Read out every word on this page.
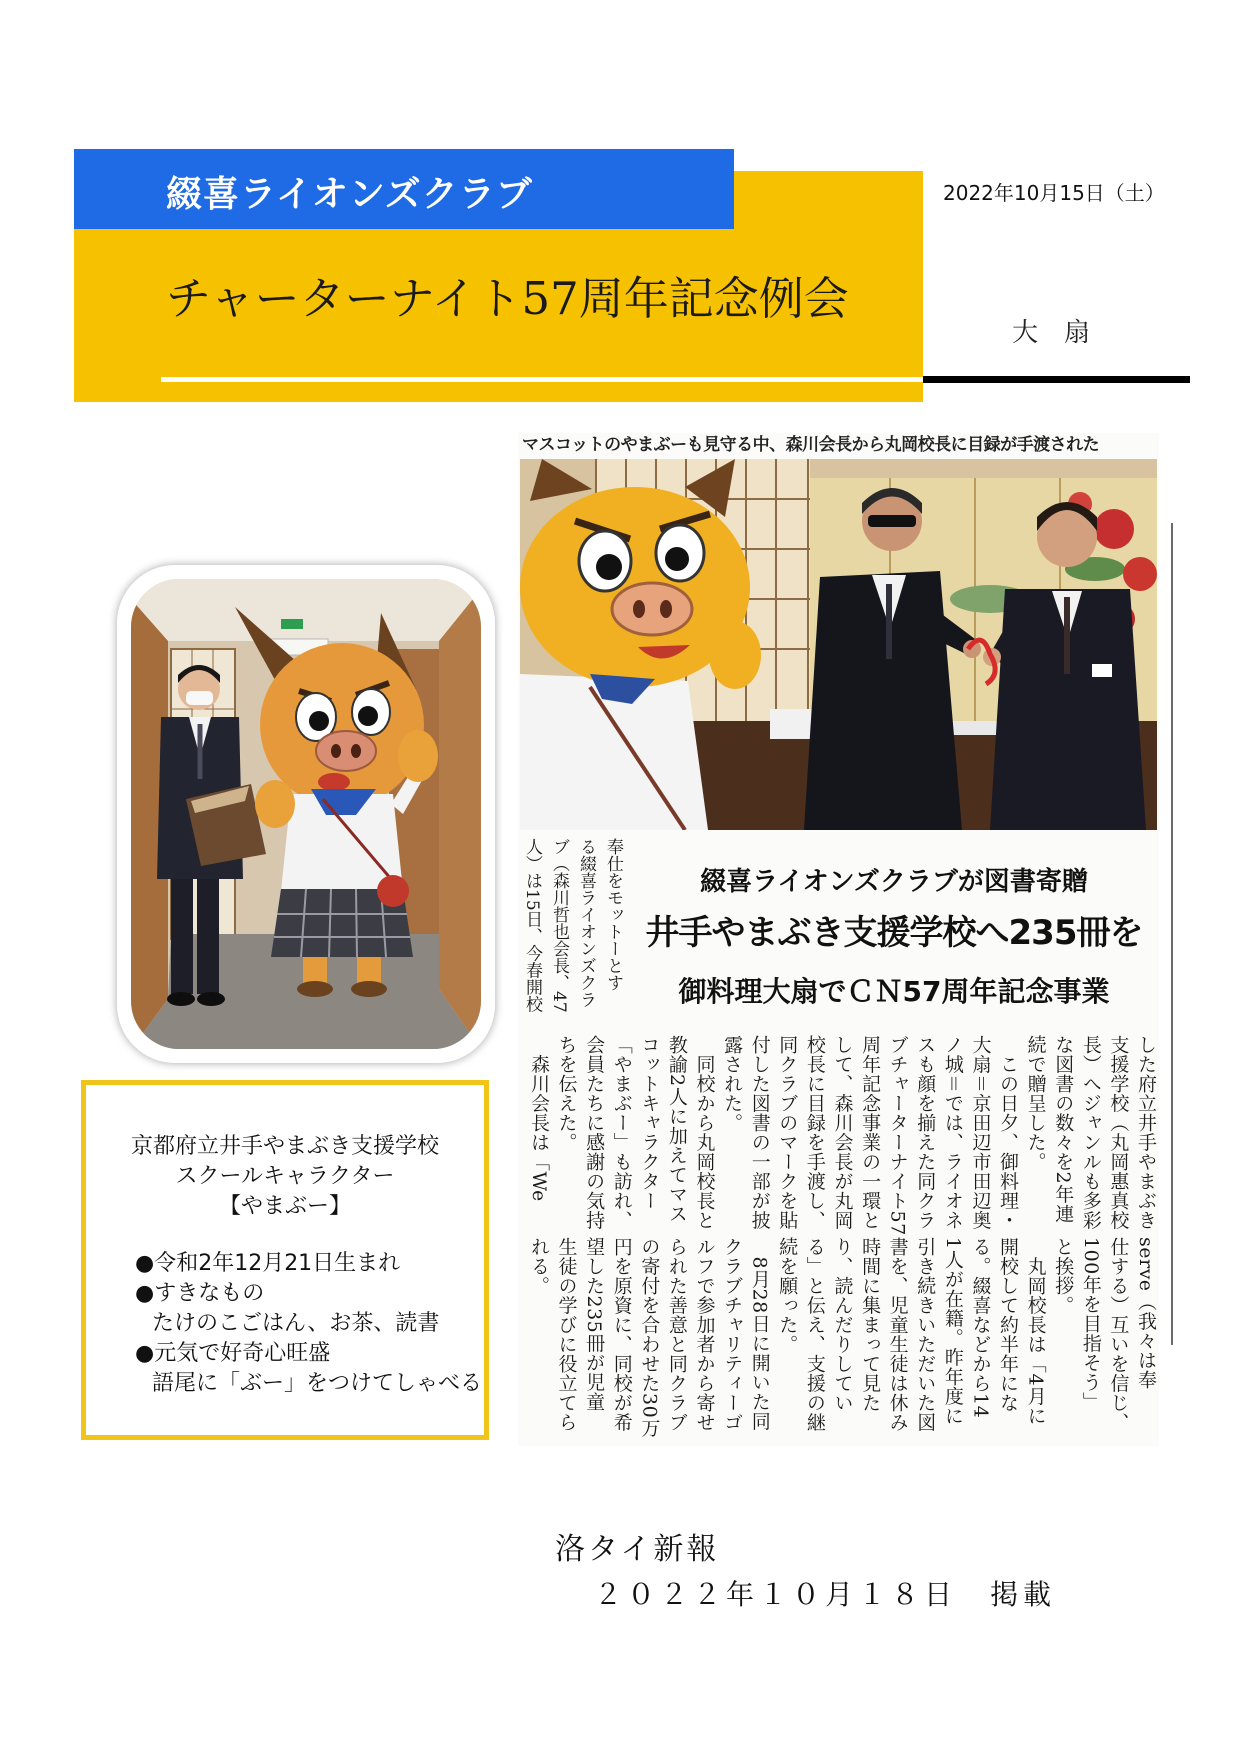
綴喜ライオンズクラブ
チャーターナイト57周年記念例会
2022年10月15日（土）
大　扇
マスコットのやまぶーも見守る中、森川会長から丸岡校長に目録が手渡された
奉仕をモットーとす
る綴喜ライオンズクラ
ブ（森川哲也会長、47
人）は15日、今春開校	綴喜ライオンズクラブが図書寄贈
井手やまぶき支援学校へ235冊を
御料理大扇でＣＮ57周年記念事業
した府立井手やまぶき
支援学校（丸岡惠真校
長）へジャンルも多彩
な図書の数々を2年連
続で贈呈した。
　この日夕、御料理・
大扇＝京田辺市田辺奥
ノ城＝では、ライオネ
スも顔を揃えた同クラ
ブチャーターナイト57
周年記念事業の一環と
して、森川会長が丸岡
校長に目録を手渡し、
同クラブのマークを貼
付した図書の一部が披
露された。
　同校から丸岡校長と
教諭2人に加えてマス
コットキャラクター
「やまぶー」も訪れ、
会員たちに感謝の気持
ちを伝えた。
　森川会長は「We
serve（我々は奉
仕する）互いを信じ、
100年を目指そう」
と挨拶。
　丸岡校長は「4月に
開校して約半年にな
る。綴喜などから14
1人が在籍。昨年度に
引き続きいただいた図
書を、児童生徒は休み
時間に集まって見た
り、読んだりしてい
る」と伝え、支援の継
続を願った。
　8月28日に開いた同
クラブチャリティーゴ
ルフで参加者から寄せ
られた善意と同クラブ
の寄付を合わせた30万
円を原資に、同校が希
望した235冊が児童
生徒の学びに役立てら
れる。
京都府立井手やまぶき支援学校
スクールキャラクター
【やまぶー】
●令和2年12月21日生まれ
●すきなもの
たけのこごはん、お茶、読書
●元気で好奇心旺盛
語尾に「ぶー」をつけてしゃべる
洛タイ新報
２０２２年１０月１８日　掲載
